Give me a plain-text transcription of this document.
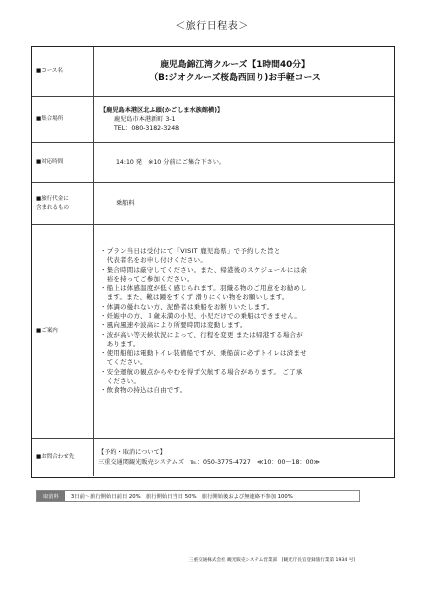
＜旅行日程表＞
■コース名
鹿児島錦江湾クルーズ【1時間40分】
（B:ジオクルーズ桜島西回り)お手軽コース
■集合場所
【鹿児島本港区北ふ頭(かごしま水族館横)】
鹿児島市本港新町 3-1
TEL：080-3182-3248
■対応時間	14:10 発　※10 分前にご集合下さい。
■旅行代金に
含まれるもの
乗船料
■ご案内
・プラン当日は受付にて「VISIT 鹿児島県」で予約した旨と
　代表者名をお申し付けください。
・集合時間は厳守してください。また、帰港後のスケジュールには余
　裕を持ってご参加ください。
・船上は体感温度が低く感じられます。羽織る物のご用意をお勧めし
　ます。また、靴は踵をすくず 滑りにくい物をお願いします。
・体調の優れない方、泥酔者は乗船をお断りいたします。
・妊娠中の方、１歳未満の小児、小児だけでの乗船はできません。
・風向風速や波高により所要時間は変動します。
・波が高い等天候状況によって、行程を変更 または帰港する場合が
　あります。
・使用船舶は電動トイレ装備船ですが、乗船前に必ずトイレは済ませ
　てください。
・安全運航の観点からやむを得ず欠航する場合があります。 ご了承
　ください。
・飲食物の持込は自由です。
■お問合わせ先
【予約・取消について】
三重交通関観光販売システムズ　℡：050-3775-4727　≪10：00～18：00≫
取消料	3日前～旅行開始日前日 20%　旅行開始日当日 50%　旅行開始後および無連絡不参加 100%
三重交通株式会社 観光販売システム営業部　[観光庁長官登録旅行業第 1934 号]
